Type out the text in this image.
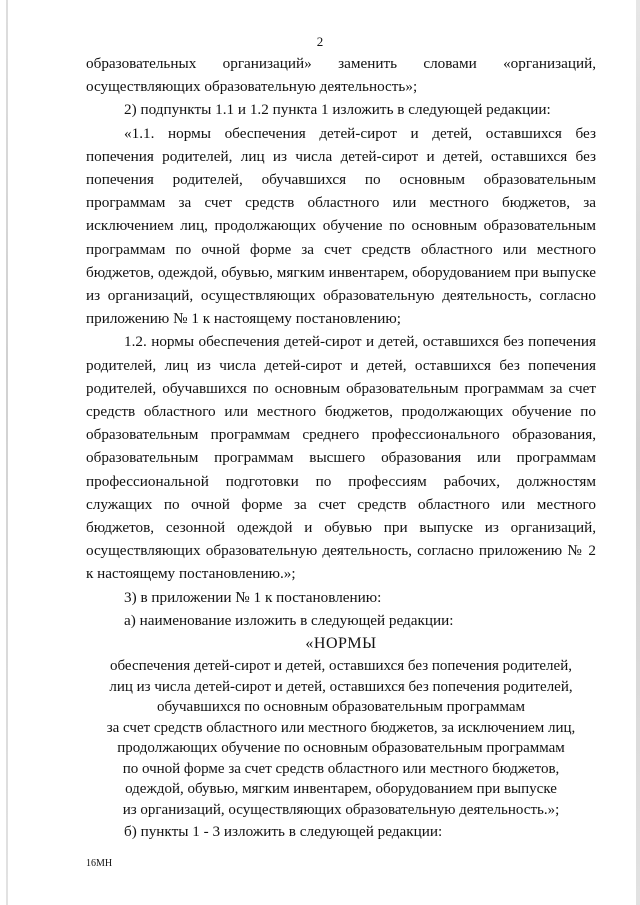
2

образовательных организаций» заменить словами «организаций, осуществляющих образовательную деятельность»;

2) подпункты 1.1 и 1.2 пункта 1 изложить в следующей редакции:

«1.1. нормы обеспечения детей-сирот и детей, оставшихся без попечения родителей, лиц из числа детей-сирот и детей, оставшихся без попечения родителей, обучавшихся по основным образовательным программам за счет средств областного или местного бюджетов, за исключением лиц, продолжающих обучение по основным образовательным программам по очной форме за счет средств областного или местного бюджетов, одеждой, обувью, мягким инвентарем, оборудованием при выпуске из организаций, осуществляющих образовательную деятельность, согласно приложению № 1 к настоящему постановлению;

1.2. нормы обеспечения детей-сирот и детей, оставшихся без попечения родителей, лиц из числа детей-сирот и детей, оставшихся без попечения родителей, обучавшихся по основным образовательным программам за счет средств областного или местного бюджетов, продолжающих обучение по образовательным программам среднего профессионального образования, образовательным программам высшего образования или программам профессиональной подготовки по профессиям рабочих, должностям служащих по очной форме за счет средств областного или местного бюджетов, сезонной одеждой и обувью при выпуске из организаций, осуществляющих образовательную деятельность, согласно приложению № 2 к настоящему постановлению.»;

3) в приложении № 1 к постановлению:

а) наименование изложить в следующей редакции:

«НОРМЫ

обеспечения детей-сирот и детей, оставшихся без попечения родителей,

лиц из числа детей-сирот и детей, оставшихся без попечения родителей,

обучавшихся по основным образовательным программам

за счет средств областного или местного бюджетов, за исключением лиц,

продолжающих обучение по основным образовательным программам

по очной форме за счет средств областного или местного бюджетов,

одеждой, обувью, мягким инвентарем, оборудованием при выпуске

из организаций, осуществляющих образовательную деятельность.»;

б) пункты 1 - 3 изложить в следующей редакции:

16МН
